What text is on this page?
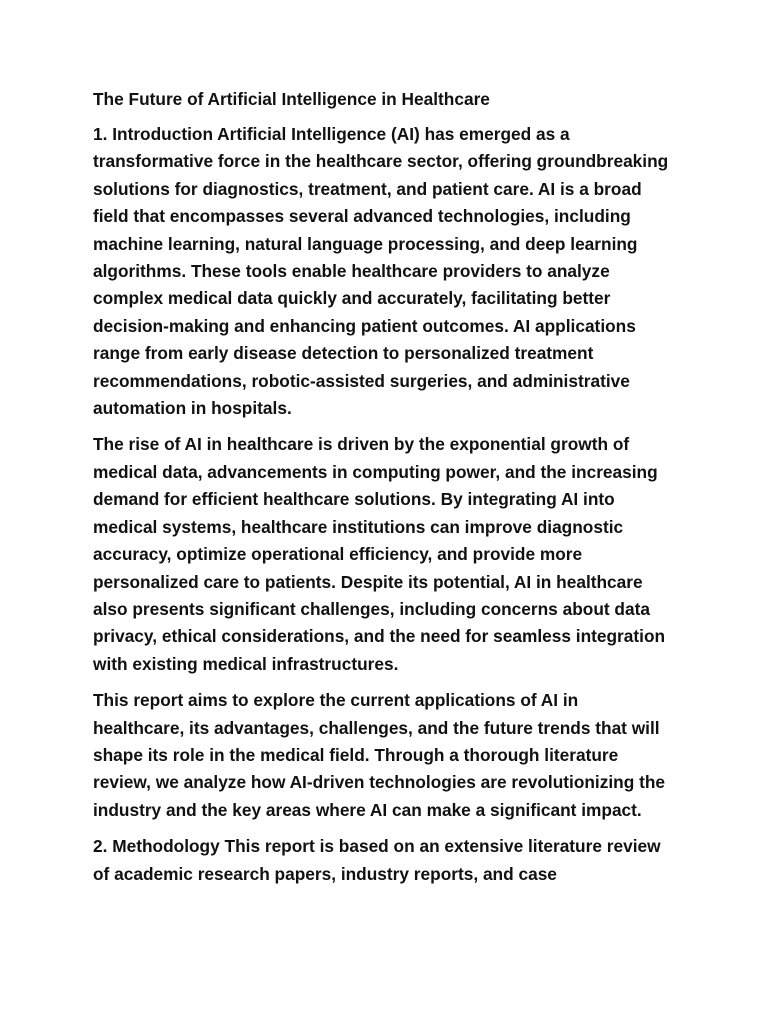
The Future of Artificial Intelligence in Healthcare

1. Introduction Artificial Intelligence (AI) has emerged as a transformative force in the healthcare sector, offering groundbreaking solutions for diagnostics, treatment, and patient care. AI is a broad field that encompasses several advanced technologies, including machine learning, natural language processing, and deep learning algorithms. These tools enable healthcare providers to analyze complex medical data quickly and accurately, facilitating better decision-making and enhancing patient outcomes. AI applications range from early disease detection to personalized treatment recommendations, robotic-assisted surgeries, and administrative automation in hospitals.

The rise of AI in healthcare is driven by the exponential growth of medical data, advancements in computing power, and the increasing demand for efficient healthcare solutions. By integrating AI into medical systems, healthcare institutions can improve diagnostic accuracy, optimize operational efficiency, and provide more personalized care to patients. Despite its potential, AI in healthcare also presents significant challenges, including concerns about data privacy, ethical considerations, and the need for seamless integration with existing medical infrastructures.

This report aims to explore the current applications of AI in healthcare, its advantages, challenges, and the future trends that will shape its role in the medical field. Through a thorough literature review, we analyze how AI-driven technologies are revolutionizing the industry and the key areas where AI can make a significant impact.

2. Methodology This report is based on an extensive literature review of academic research papers, industry reports, and case
